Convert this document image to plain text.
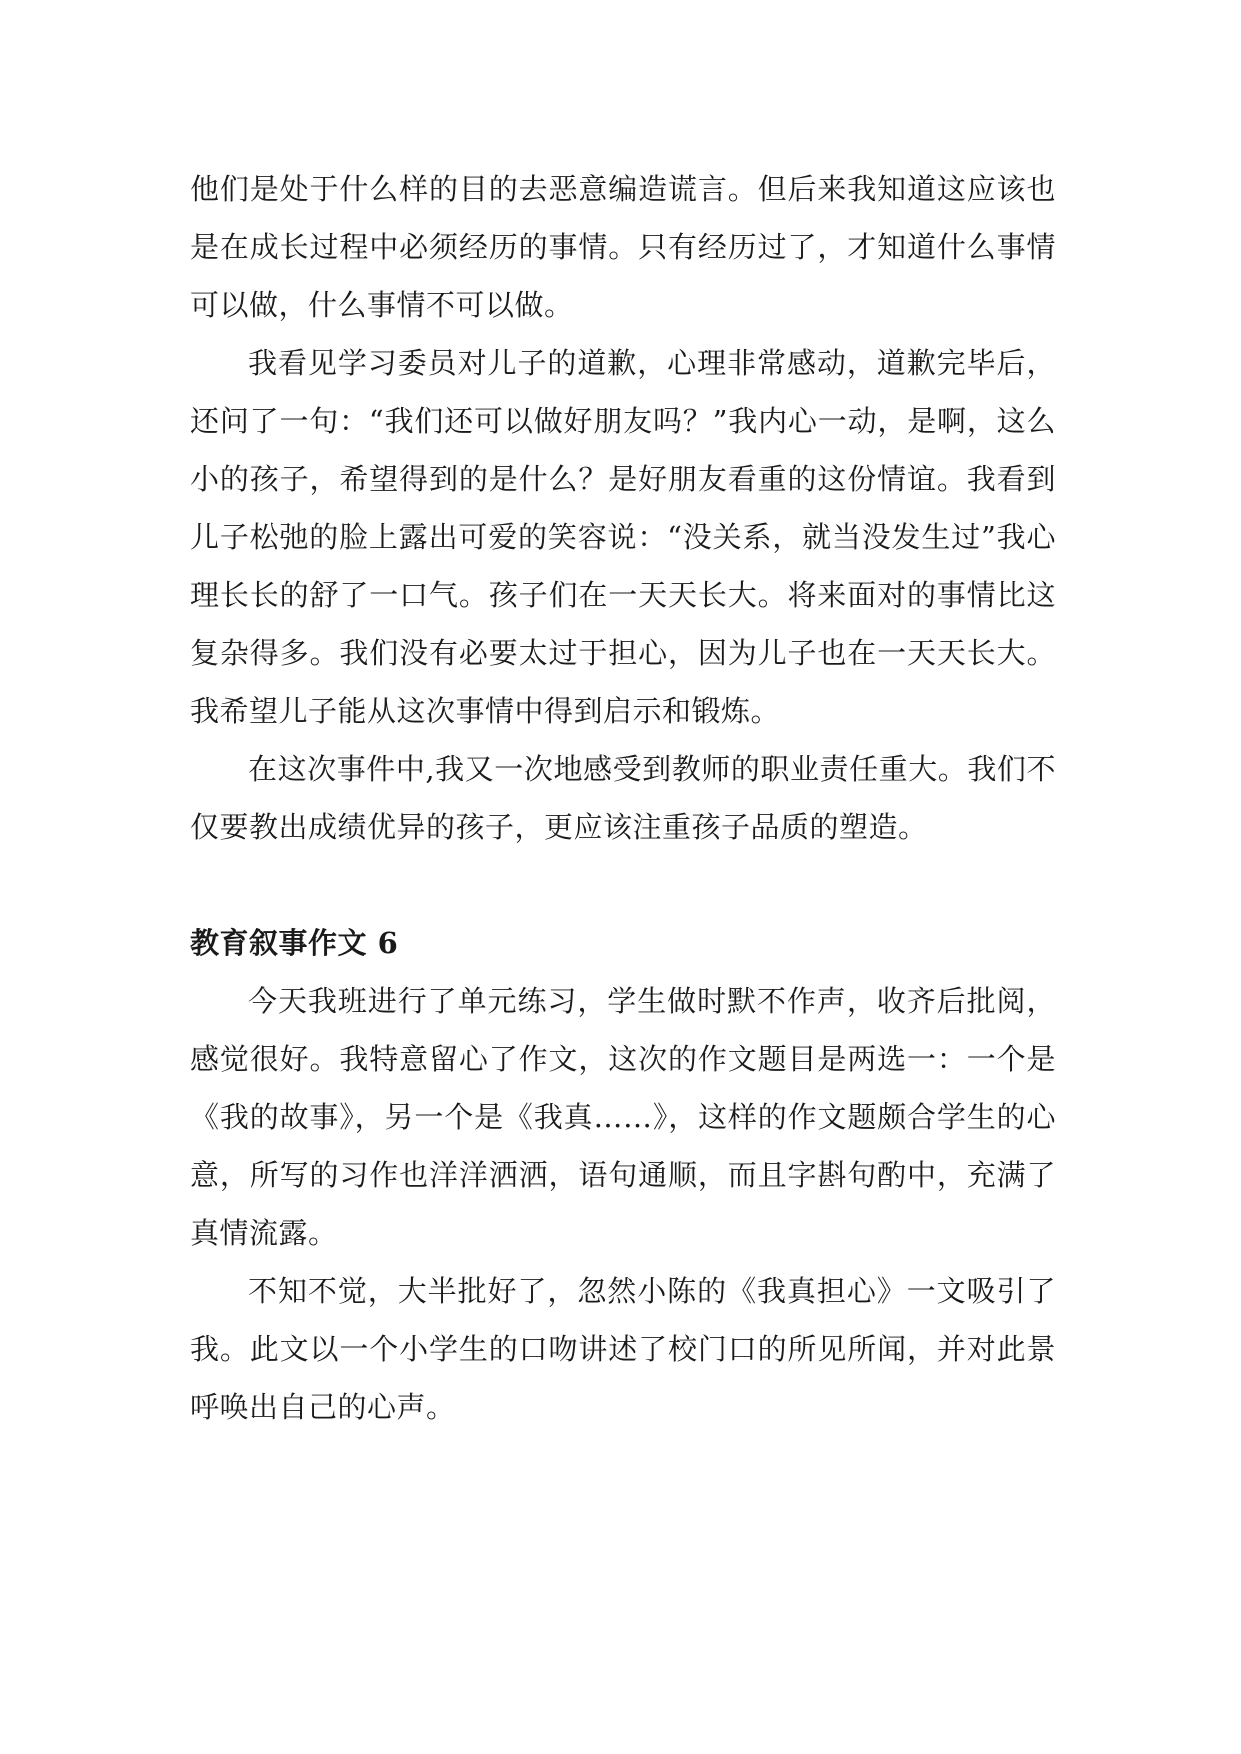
他们是处于什么样的目的去恶意编造谎言。但后来我知道这应该也是在成长过程中必须经历的事情。只有经历过了，才知道什么事情可以做，什么事情不可以做。

我看见学习委员对儿子的道歉，心理非常感动，道歉完毕后，还问了一句：“我们还可以做好朋友吗？”我内心一动，是啊，这么小的孩子，希望得到的是什么？是好朋友看重的这份情谊。我看到儿子松弛的脸上露出可爱的笑容说：“没关系，就当没发生过”我心理长长的舒了一口气。孩子们在一天天长大。将来面对的事情比这复杂得多。我们没有必要太过于担心，因为儿子也在一天天长大。我希望儿子能从这次事情中得到启示和锻炼。

在这次事件中,我又一次地感受到教师的职业责任重大。我们不仅要教出成绩优异的孩子，更应该注重孩子品质的塑造。

教育叙事作文 6

今天我班进行了单元练习，学生做时默不作声，收齐后批阅，感觉很好。我特意留心了作文，这次的作文题目是两选一：一个是《我的故事》，另一个是《我真……》，这样的作文题颇合学生的心意，所写的习作也洋洋洒洒，语句通顺，而且字斟句酌中，充满了真情流露。

不知不觉，大半批好了，忽然小陈的《我真担心》一文吸引了我。此文以一个小学生的口吻讲述了校门口的所见所闻，并对此景呼唤出自己的心声。
